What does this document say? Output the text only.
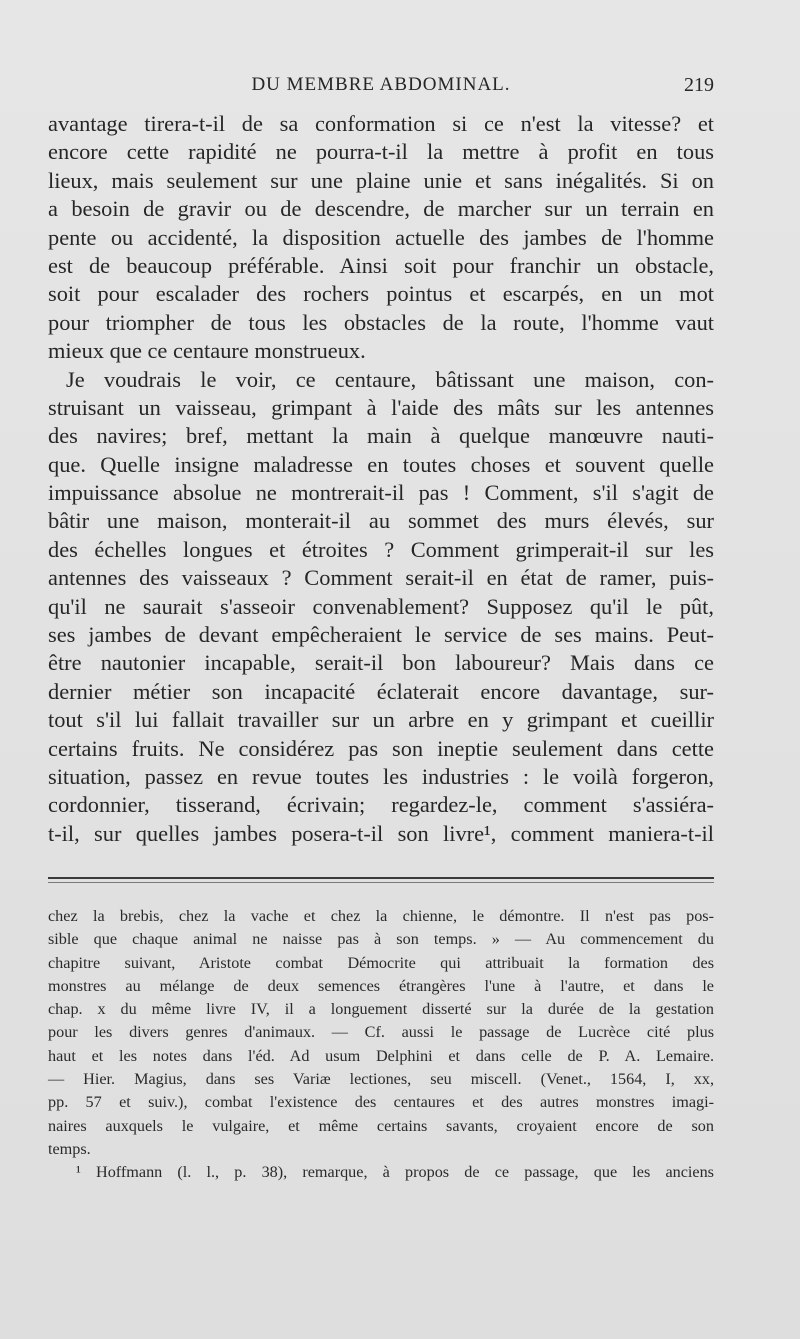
DU MEMBRE ABDOMINAL.	219
avantage tirera-t-il de sa conformation si ce n'est la vitesse? et
encore cette rapidité ne pourra-t-il la mettre à profit en tous
lieux, mais seulement sur une plaine unie et sans inégalités. Si on
a besoin de gravir ou de descendre, de marcher sur un terrain en
pente ou accidenté, la disposition actuelle des jambes de l'homme
est de beaucoup préférable. Ainsi soit pour franchir un obstacle,
soit pour escalader des rochers pointus et escarpés, en un mot
pour triompher de tous les obstacles de la route, l'homme vaut
mieux que ce centaure monstrueux.
Je voudrais le voir, ce centaure, bâtissant une maison, con-
struisant un vaisseau, grimpant à l'aide des mâts sur les antennes
des navires; bref, mettant la main à quelque manœuvre nauti-
que. Quelle insigne maladresse en toutes choses et souvent quelle
impuissance absolue ne montrerait-il pas ! Comment, s'il s'agit de
bâtir une maison, monterait-il au sommet des murs élevés, sur
des échelles longues et étroites ? Comment grimperait-il sur les
antennes des vaisseaux ? Comment serait-il en état de ramer, puis-
qu'il ne saurait s'asseoir convenablement? Supposez qu'il le pût,
ses jambes de devant empêcheraient le service de ses mains. Peut-
être nautonier incapable, serait-il bon laboureur? Mais dans ce
dernier métier son incapacité éclaterait encore davantage, sur-
tout s'il lui fallait travailler sur un arbre en y grimpant et cueillir
certains fruits. Ne considérez pas son ineptie seulement dans cette
situation, passez en revue toutes les industries : le voilà forgeron,
cordonnier, tisserand, écrivain; regardez-le, comment s'assiéra-
t-il, sur quelles jambes posera-t-il son livre¹, comment maniera-t-il
chez la brebis, chez la vache et chez la chienne, le démontre. Il n'est pas pos-
sible que chaque animal ne naisse pas à son temps. » — Au commencement du
chapitre suivant, Aristote combat Démocrite qui attribuait la formation des
monstres au mélange de deux semences étrangères l'une à l'autre, et dans le
chap. x du même livre IV, il a longuement disserté sur la durée de la gestation
pour les divers genres d'animaux. — Cf. aussi le passage de Lucrèce cité plus
haut et les notes dans l'éd. Ad usum Delphini et dans celle de P. A. Lemaire.
— Hier. Magius, dans ses Variæ lectiones, seu miscell. (Venet., 1564, I, xx,
pp. 57 et suiv.), combat l'existence des centaures et des autres monstres imagi-
naires auxquels le vulgaire, et même certains savants, croyaient encore de son
temps.
¹ Hoffmann (l. l., p. 38), remarque, à propos de ce passage, que les anciens
